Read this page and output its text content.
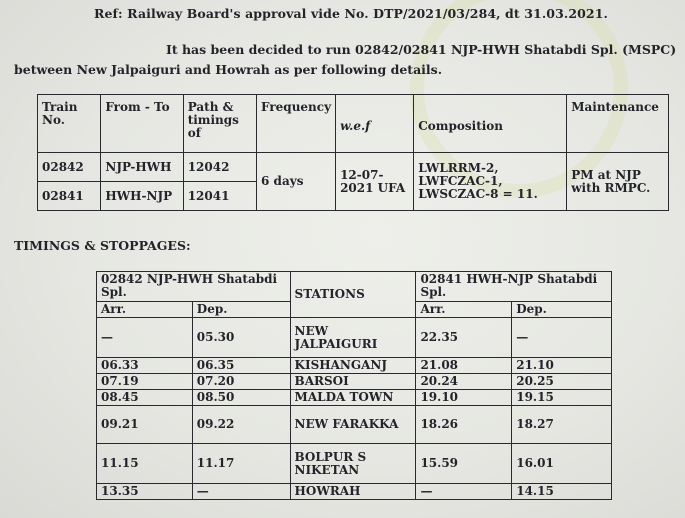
Ref: Railway Board's approval vide No. DTP/2021/03/284, dt 31.03.2021.
It has been decided to run 02842/02841 NJP-HWH Shatabdi Spl. (MSPC)
between New Jalpaiguri and Howrah as per following details.
Train No.	From - To	Path & timings of	Frequency	w.e.f	Composition	Maintenance
02842	NJP-HWH	12042	6 days	12-07-2021 UFA	LWLRRM-2, LWFCZAC-1, LWSCZAC-8 = 11.	PM at NJP with RMPC.
02841	HWH-NJP	12041				
TIMINGS & STOPPAGES:
02842 NJP-HWH Shatabdi Spl.		STATIONS	02841 HWH-NJP Shatabdi Spl.	
Arr.	Dep.		Arr.	Dep.
—	05.30	NEW JALPAIGURI	22.35	—
06.33	06.35	KISHANGANJ	21.08	21.10
07.19	07.20	BARSOI	20.24	20.25
08.45	08.50	MALDA TOWN	19.10	19.15
09.21	09.22	NEW FARAKKA	18.26	18.27
11.15	11.17	BOLPUR S NIKETAN	15.59	16.01
13.35	—	HOWRAH	—	14.15
